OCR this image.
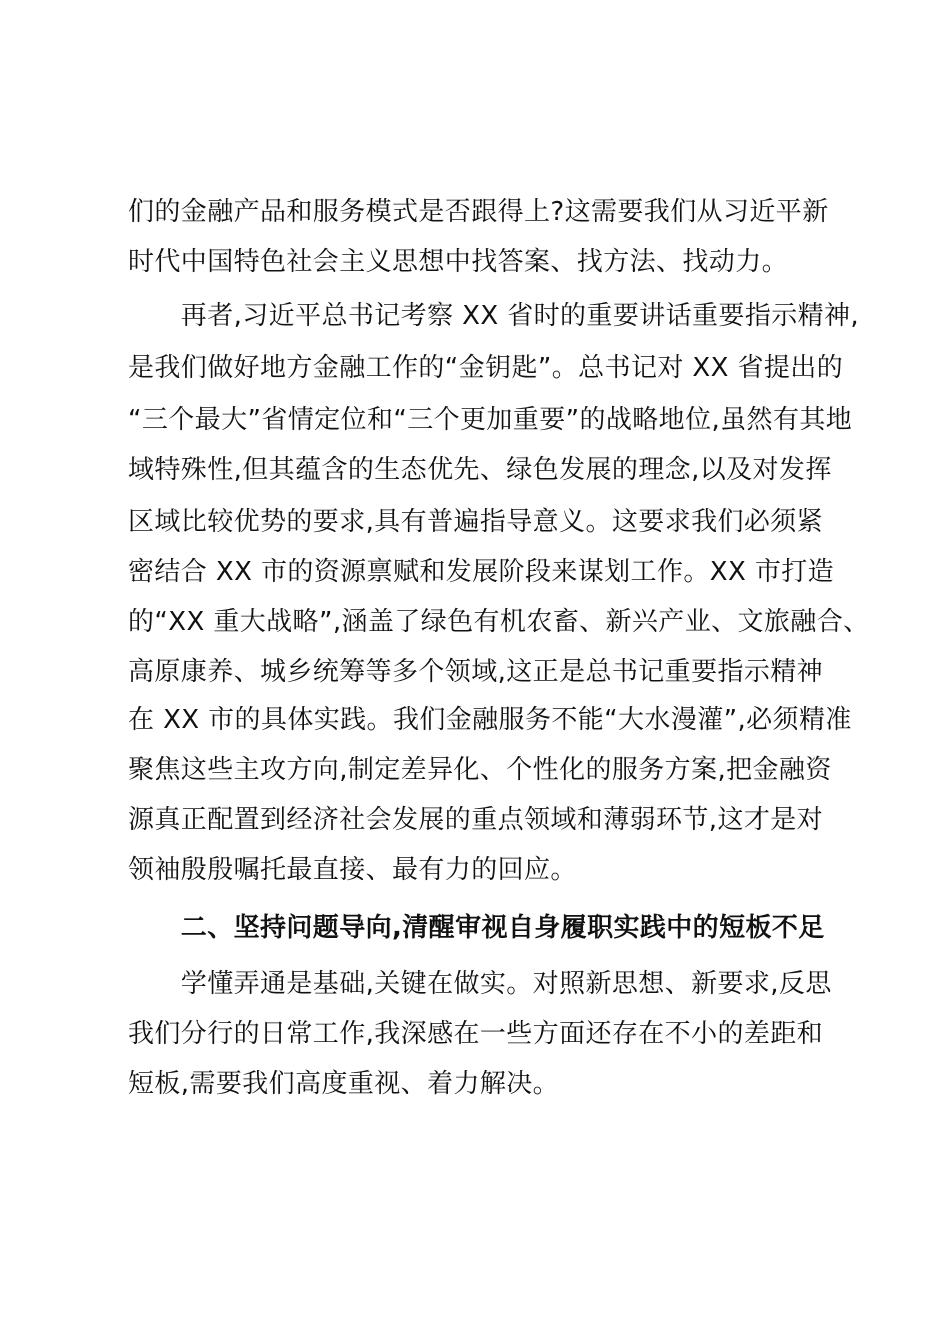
们的金融产品和服务模式是否跟得上?这需要我们从习近平新
时代中国特色社会主义思想中找答案、找方法、找动力。
　　再者,习近平总书记考察 XX 省时的重要讲话重要指示精神,
是我们做好地方金融工作的“金钥匙”。总书记对 XX 省提出的
“三个最大”省情定位和“三个更加重要”的战略地位,虽然有其地
域特殊性,但其蕴含的生态优先、绿色发展的理念,以及对发挥
区域比较优势的要求,具有普遍指导意义。这要求我们必须紧
密结合 XX 市的资源禀赋和发展阶段来谋划工作。XX 市打造
的“XX 重大战略”,涵盖了绿色有机农畜、新兴产业、文旅融合、
高原康养、城乡统筹等多个领域,这正是总书记重要指示精神
在 XX 市的具体实践。我们金融服务不能“大水漫灌”,必须精准
聚焦这些主攻方向,制定差异化、个性化的服务方案,把金融资
源真正配置到经济社会发展的重点领域和薄弱环节,这才是对
领袖殷殷嘱托最直接、最有力的回应。
　　二、坚持问题导向,清醒审视自身履职实践中的短板不足
　　学懂弄通是基础,关键在做实。对照新思想、新要求,反思
我们分行的日常工作,我深感在一些方面还存在不小的差距和
短板,需要我们高度重视、着力解决。
